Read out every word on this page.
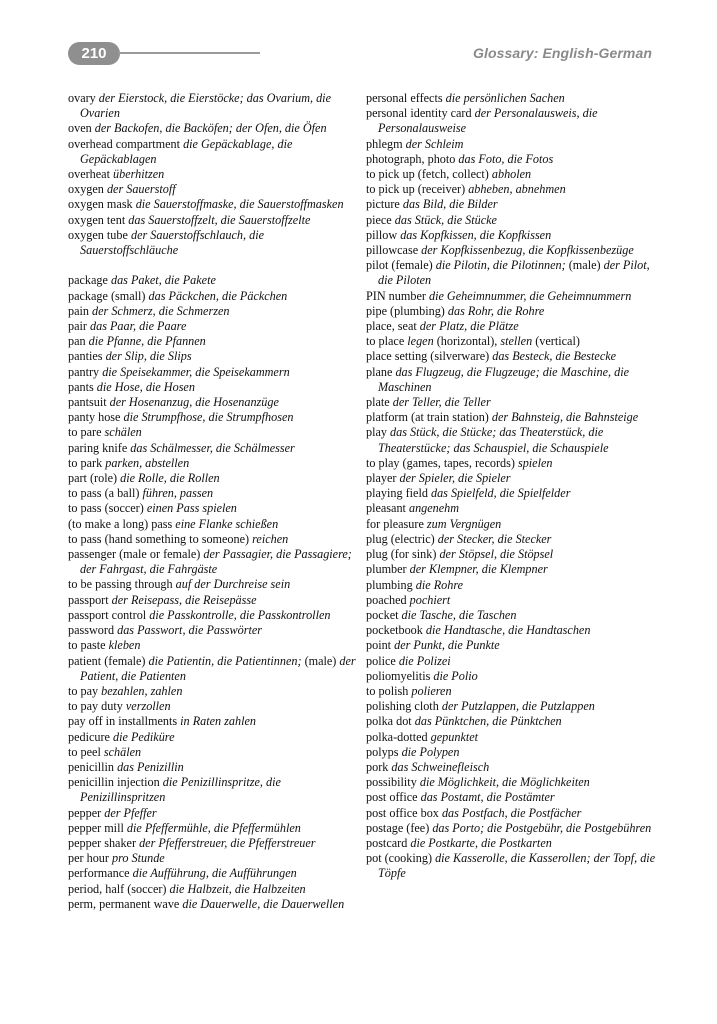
210	Glossary: English-German
ovary der Eierstock, die Eierstöcke; das Ovarium, die Ovarien
oven der Backofen, die Backöfen; der Ofen, die Öfen
overhead compartment die Gepäckablage, die Gepäckablagen
overheat überhitzen
oxygen der Sauerstoff
oxygen mask die Sauerstoffmaske, die Sauerstoffmasken
oxygen tent das Sauerstoffzelt, die Sauerstoffzelte
oxygen tube der Sauerstoffschlauch, die Sauerstoffschläuche
package das Paket, die Pakete
package (small) das Päckchen, die Päckchen
pain der Schmerz, die Schmerzen
pair das Paar, die Paare
pan die Pfanne, die Pfannen
panties der Slip, die Slips
pantry die Speisekammer, die Speisekammern
pants die Hose, die Hosen
pantsuit der Hosenanzug, die Hosenanzüge
panty hose die Strumpfhose, die Strumpfhosen
to pare schälen
paring knife das Schälmesser, die Schälmesser
to park parken, abstellen
part (role) die Rolle, die Rollen
to pass (a ball) führen, passen
to pass (soccer) einen Pass spielen
(to make a long) pass eine Flanke schießen
to pass (hand something to someone) reichen
passenger (male or female) der Passagier, die Passagiere; der Fahrgast, die Fahrgäste
to be passing through auf der Durchreise sein
passport der Reisepass, die Reisepässe
passport control die Passkontrolle, die Passkontrollen
password das Passwort, die Passwörter
to paste kleben
patient (female) die Patientin, die Patientinnen; (male) der Patient, die Patienten
to pay bezahlen, zahlen
to pay duty verzollen
pay off in installments in Raten zahlen
pedicure die Pediküre
to peel schälen
penicillin das Penizillin
penicillin injection die Penizillinspritze, die Penizillinspritzen
pepper der Pfeffer
pepper mill die Pfeffermühle, die Pfeffermühlen
pepper shaker der Pfefferstreuer, die Pfefferstreuer
per hour pro Stunde
performance die Aufführung, die Aufführungen
period, half (soccer) die Halbzeit, die Halbzeiten
perm, permanent wave die Dauerwelle, die Dauerwellen
personal effects die persönlichen Sachen
personal identity card der Personalausweis, die Personalausweise
phlegm der Schleim
photograph, photo das Foto, die Fotos
to pick up (fetch, collect) abholen
to pick up (receiver) abheben, abnehmen
picture das Bild, die Bilder
piece das Stück, die Stücke
pillow das Kopfkissen, die Kopfkissen
pillowcase der Kopfkissenbezug, die Kopfkissenbezüge
pilot (female) die Pilotin, die Pilotinnen; (male) der Pilot, die Piloten
PIN number die Geheimnummer, die Geheimnummern
pipe (plumbing) das Rohr, die Rohre
place, seat der Platz, die Plätze
to place legen (horizontal), stellen (vertical)
place setting (silverware) das Besteck, die Bestecke
plane das Flugzeug, die Flugzeuge; die Maschine, die Maschinen
plate der Teller, die Teller
platform (at train station) der Bahnsteig, die Bahnsteige
play das Stück, die Stücke; das Theaterstück, die Theaterstücke; das Schauspiel, die Schauspiele
to play (games, tapes, records) spielen
player der Spieler, die Spieler
playing field das Spielfeld, die Spielfelder
pleasant angenehm
for pleasure zum Vergnügen
plug (electric) der Stecker, die Stecker
plug (for sink) der Stöpsel, die Stöpsel
plumber der Klempner, die Klempner
plumbing die Rohre
poached pochiert
pocket die Tasche, die Taschen
pocketbook die Handtasche, die Handtaschen
point der Punkt, die Punkte
police die Polizei
poliomyelitis die Polio
to polish polieren
polishing cloth der Putzlappen, die Putzlappen
polka dot das Pünktchen, die Pünktchen
polka-dotted gepunktet
polyps die Polypen
pork das Schweinefleisch
possibility die Möglichkeit, die Möglichkeiten
post office das Postamt, die Postämter
post office box das Postfach, die Postfächer
postage (fee) das Porto; die Postgebühr, die Postgebühren
postcard die Postkarte, die Postkarten
pot (cooking) die Kasserolle, die Kasserollen; der Topf, die Töpfe
